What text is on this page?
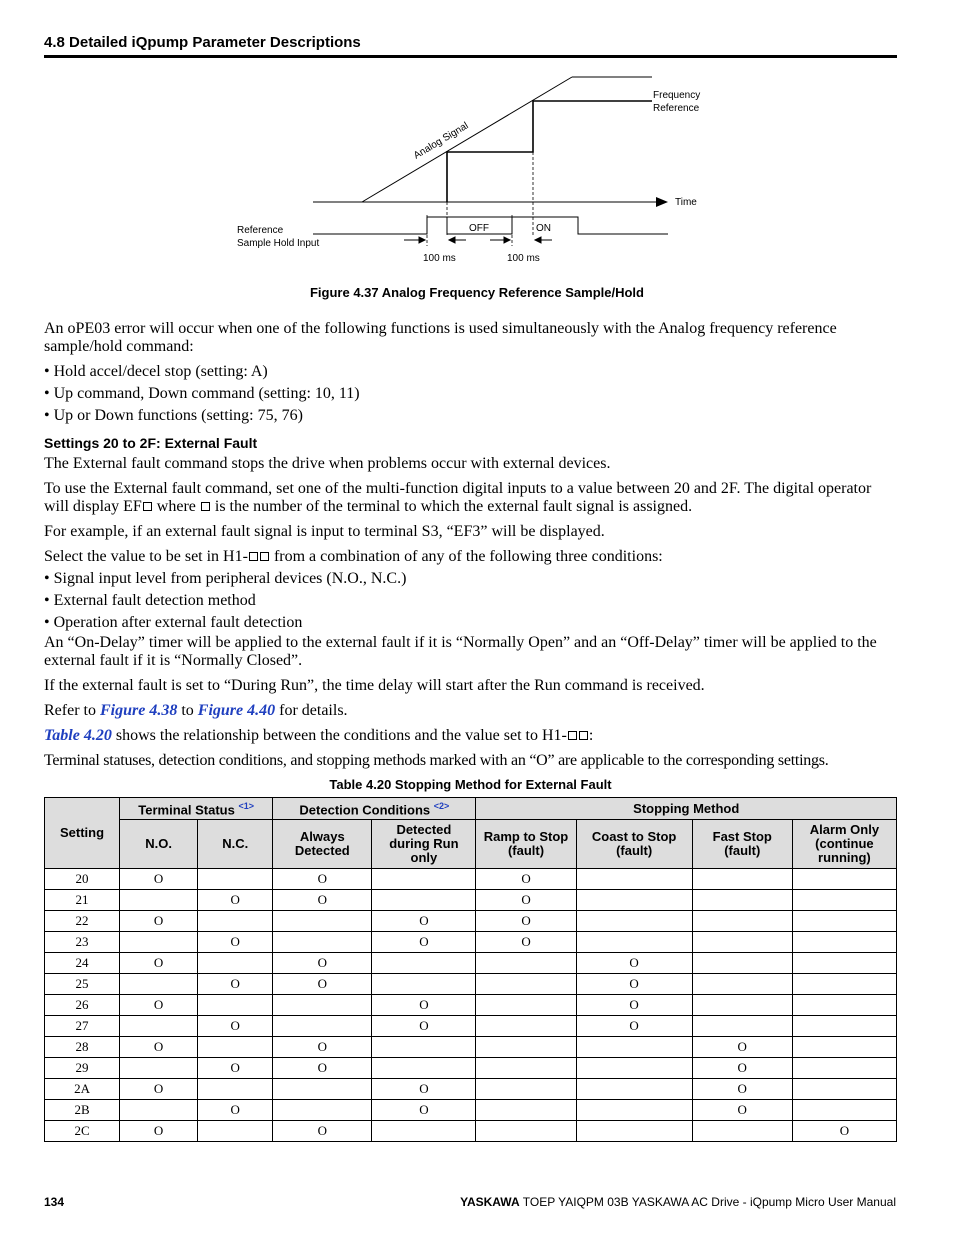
4.8 Detailed iQpump Parameter Descriptions
Frequency
Reference
Analog Signal
Time
Reference
Sample Hold Input
OFF	ON
100 ms	100 ms
Figure 4.37 Analog Frequency Reference Sample/Hold

An oPE03 error will occur when one of the following functions is used simultaneously with the Analog frequency reference sample/hold command:

• Hold accel/decel stop (setting: A)
• Up command, Down command (setting: 10, 11)
• Up or Down functions (setting: 75, 76)
Settings 20 to 2F: External Fault

The External fault command stops the drive when problems occur with external devices.

To use the External fault command, set one of the multi-function digital inputs to a value between 20 and 2F. The digital operator will display EF where  is the number of the terminal to which the external fault signal is assigned.

For example, if an external fault signal is input to terminal S3, “EF3” will be displayed.

Select the value to be set in H1- from a combination of any of the following three conditions:

• Signal input level from peripheral devices (N.O., N.C.)
• External fault detection method
• Operation after external fault detection

An “On-Delay” timer will be applied to the external fault if it is “Normally Open” and an “Off-Delay” timer will be applied to the external fault if it is “Normally Closed”.

If the external fault is set to “During Run”, the time delay will start after the Run command is received.

Refer to Figure 4.38 to Figure 4.40 for details.

Table 4.20 shows the relationship between the conditions and the value set to H1- :

Terminal statuses, detection conditions, and stopping methods marked with an “O” are applicable to the corresponding settings.

Table 4.20 Stopping Method for External Fault
Setting	Terminal Status $^{<1>}$		Detection Conditions $^{<2>}$		Stopping Method			
	N.O.	N.C.	Always
Detected	Detected
during Run
only	Ramp to Stop
(fault)	Coast to Stop
(fault)	Fast Stop
(fault)	Alarm Only
(continue
running)
20	O		O		O			
21		O	O		O			
22	O			O	O			
23		O		O	O			
24	O		O			O		
25		O	O			O		
26	O			O		O		
27		O		O		O		
28	O		O				O	
29		O	O				O	
2A	O			O			O	
2B		O		O			O	
2C	O		O					O
134	YASKAWA TOEP YAIQPM 03B YASKAWA AC Drive - iQpump Micro User Manual
